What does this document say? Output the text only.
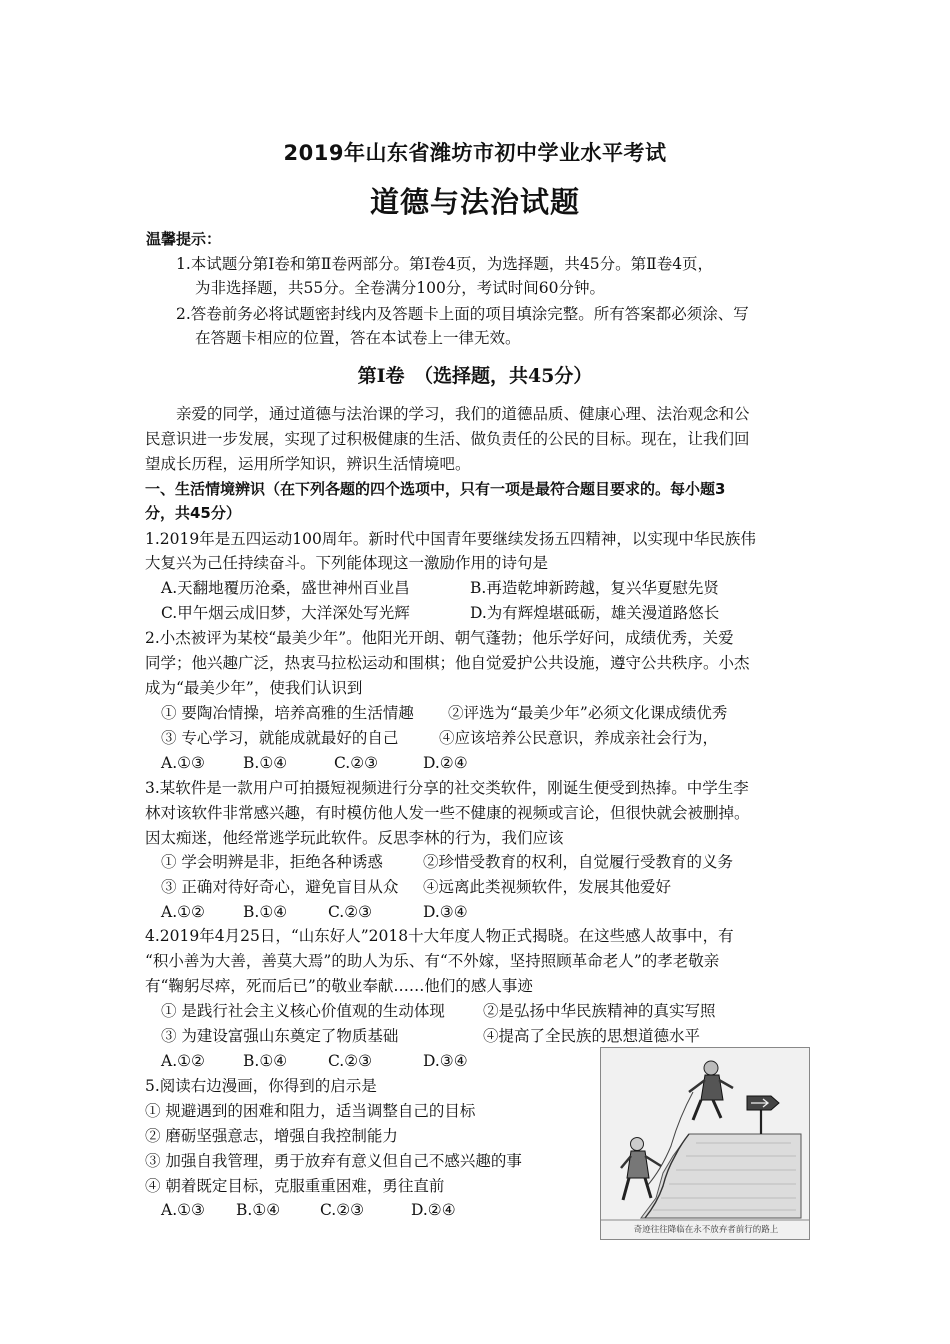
2019年山东省潍坊市初中学业水平考试
道德与法治试题
温馨提示：
1.本试题分第Ⅰ卷和第Ⅱ卷两部分。第Ⅰ卷4页，为选择题，共45分。第Ⅱ卷4页，
为非选择题，共55分。全卷满分100分，考试时间60分钟。
2.答卷前务必将试题密封线内及答题卡上面的项目填涂完整。所有答案都必须涂、写
在答题卡相应的位置，答在本试卷上一律无效。
第Ⅰ卷　（选择题，共45分）
亲爱的同学，通过道德与法治课的学习，我们的道德品质、健康心理、法治观念和公
民意识进一步发展，实现了过积极健康的生活、做负责任的公民的目标。现在，让我们回
望成长历程，运用所学知识，辨识生活情境吧。
一、生活情境辨识（在下列各题的四个选项中，只有一项是最符合题目要求的。每小题3
分，共45分）
1.2019年是五四运动100周年。新时代中国青年要继续发扬五四精神，以实现中华民族伟
大复兴为己任持续奋斗。下列能体现这一激励作用的诗句是
A.天翻地覆历沧桑，盛世神州百业昌	B.再造乾坤新跨越，复兴华夏慰先贤
C.甲午烟云成旧梦，大洋深处写光辉	D.为有辉煌堪砥砺，雄关漫道路悠长
2.小杰被评为某校“最美少年”。他阳光开朗、朝气蓬勃；他乐学好问，成绩优秀，关爱
同学；他兴趣广泛，热衷马拉松运动和围棋；他自觉爱护公共设施，遵守公共秩序。小杰
成为“最美少年”，使我们认识到
① 要陶冶情操，培养高雅的生活情趣 ②评选为“最美少年”必须文化课成绩优秀
③ 专心学习，就能成就最好的自己	④应该培养公民意识，养成亲社会行为，
A.①③ B.①④	C.②③	D.②④
3.某软件是一款用户可拍摄短视频进行分享的社交类软件，刚诞生便受到热捧。中学生李
林对该软件非常感兴趣，有时模仿他人发一些不健康的视频或言论，但很快就会被删掉。
因太痴迷，他经常逃学玩此软件。反思李林的行为，我们应该
① 学会明辨是非，拒绝各种诱惑	②珍惜受教育的权利，自觉履行受教育的义务
③ 正确对待好奇心，避免盲目从众 ④远离此类视频软件，发展其他爱好
A.①② B.①④	C.②③	D.③④
4.2019年4月25日，“山东好人”2018十大年度人物正式揭晓。在这些感人故事中，有
“积小善为大善，善莫大焉”的助人为乐、有“不外嫁，坚持照顾革命老人”的孝老敬亲
有“鞠躬尽瘁，死而后已”的敬业奉献……他们的感人事迹
① 是践行社会主义核心价值观的生动体现 ②是弘扬中华民族精神的真实写照
③ 为建设富强山东奠定了物质基础	④提高了全民族的思想道德水平
A.①② B.①④	C.②③	D.③④
5.阅读右边漫画，你得到的启示是
① 规避遇到的困难和阻力，适当调整自己的目标
② 磨砺坚强意志，增强自我控制能力
③ 加强自我管理，勇于放弃有意义但自己不感兴趣的事
④ 朝着既定目标，克服重重困难，勇往直前
A.①③ B.①④	C.②③	D.②④
奇迹往往降临在永不放弃者前行的路上
